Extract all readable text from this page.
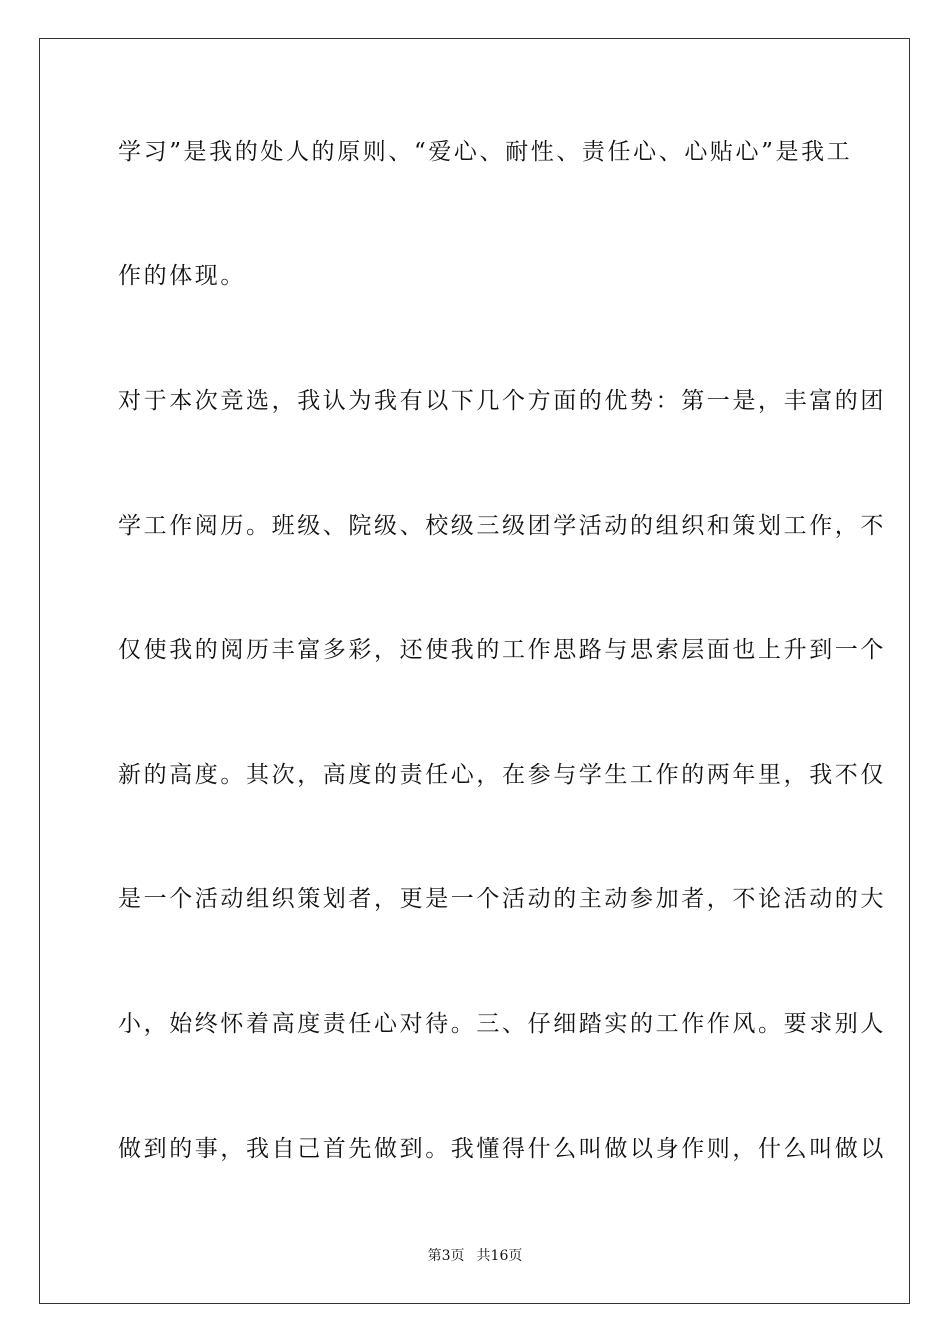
学习”是我的处人的原则、“爱心、耐性、责任心、心贴心”是我工
作的体现。
对于本次竞选，我认为我有以下几个方面的优势：第一是，丰富的团
学工作阅历。班级、院级、校级三级团学活动的组织和策划工作，不
仅使我的阅历丰富多彩，还使我的工作思路与思索层面也上升到一个
新的高度。其次，高度的责任心，在参与学生工作的两年里，我不仅
是一个活动组织策划者，更是一个活动的主动参加者，不论活动的大
小，始终怀着高度责任心对待。三、仔细踏实的工作作风。要求别人
做到的事，我自己首先做到。我懂得什么叫做以身作则，什么叫做以
第3页 共16页
